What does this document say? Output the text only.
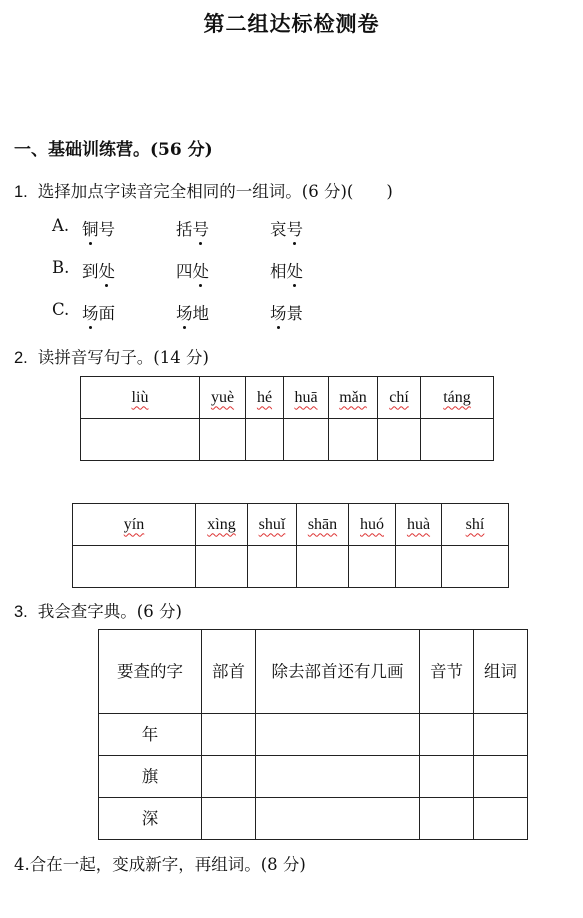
第二组达标检测卷
一、基础训练营。(56 分)
1. 选择加点字读音完全相同的一组词。(6 分)(　　)
A. 铜号	括号	哀号
B. 到处	四处	相处
C. 场面	场地	场景
2. 读拼音写句子。(14 分)
liù	yuè	hé	huā	mǎn	chí	táng

yín	xìng	shuǐ	shān	huó	huà	shí

3. 我会查字典。(6 分)
要查的字	部首	除去部首还有几画	音节	组词
年				
旗				
深				
4.合在一起，变成新字，再组词。(8 分)
